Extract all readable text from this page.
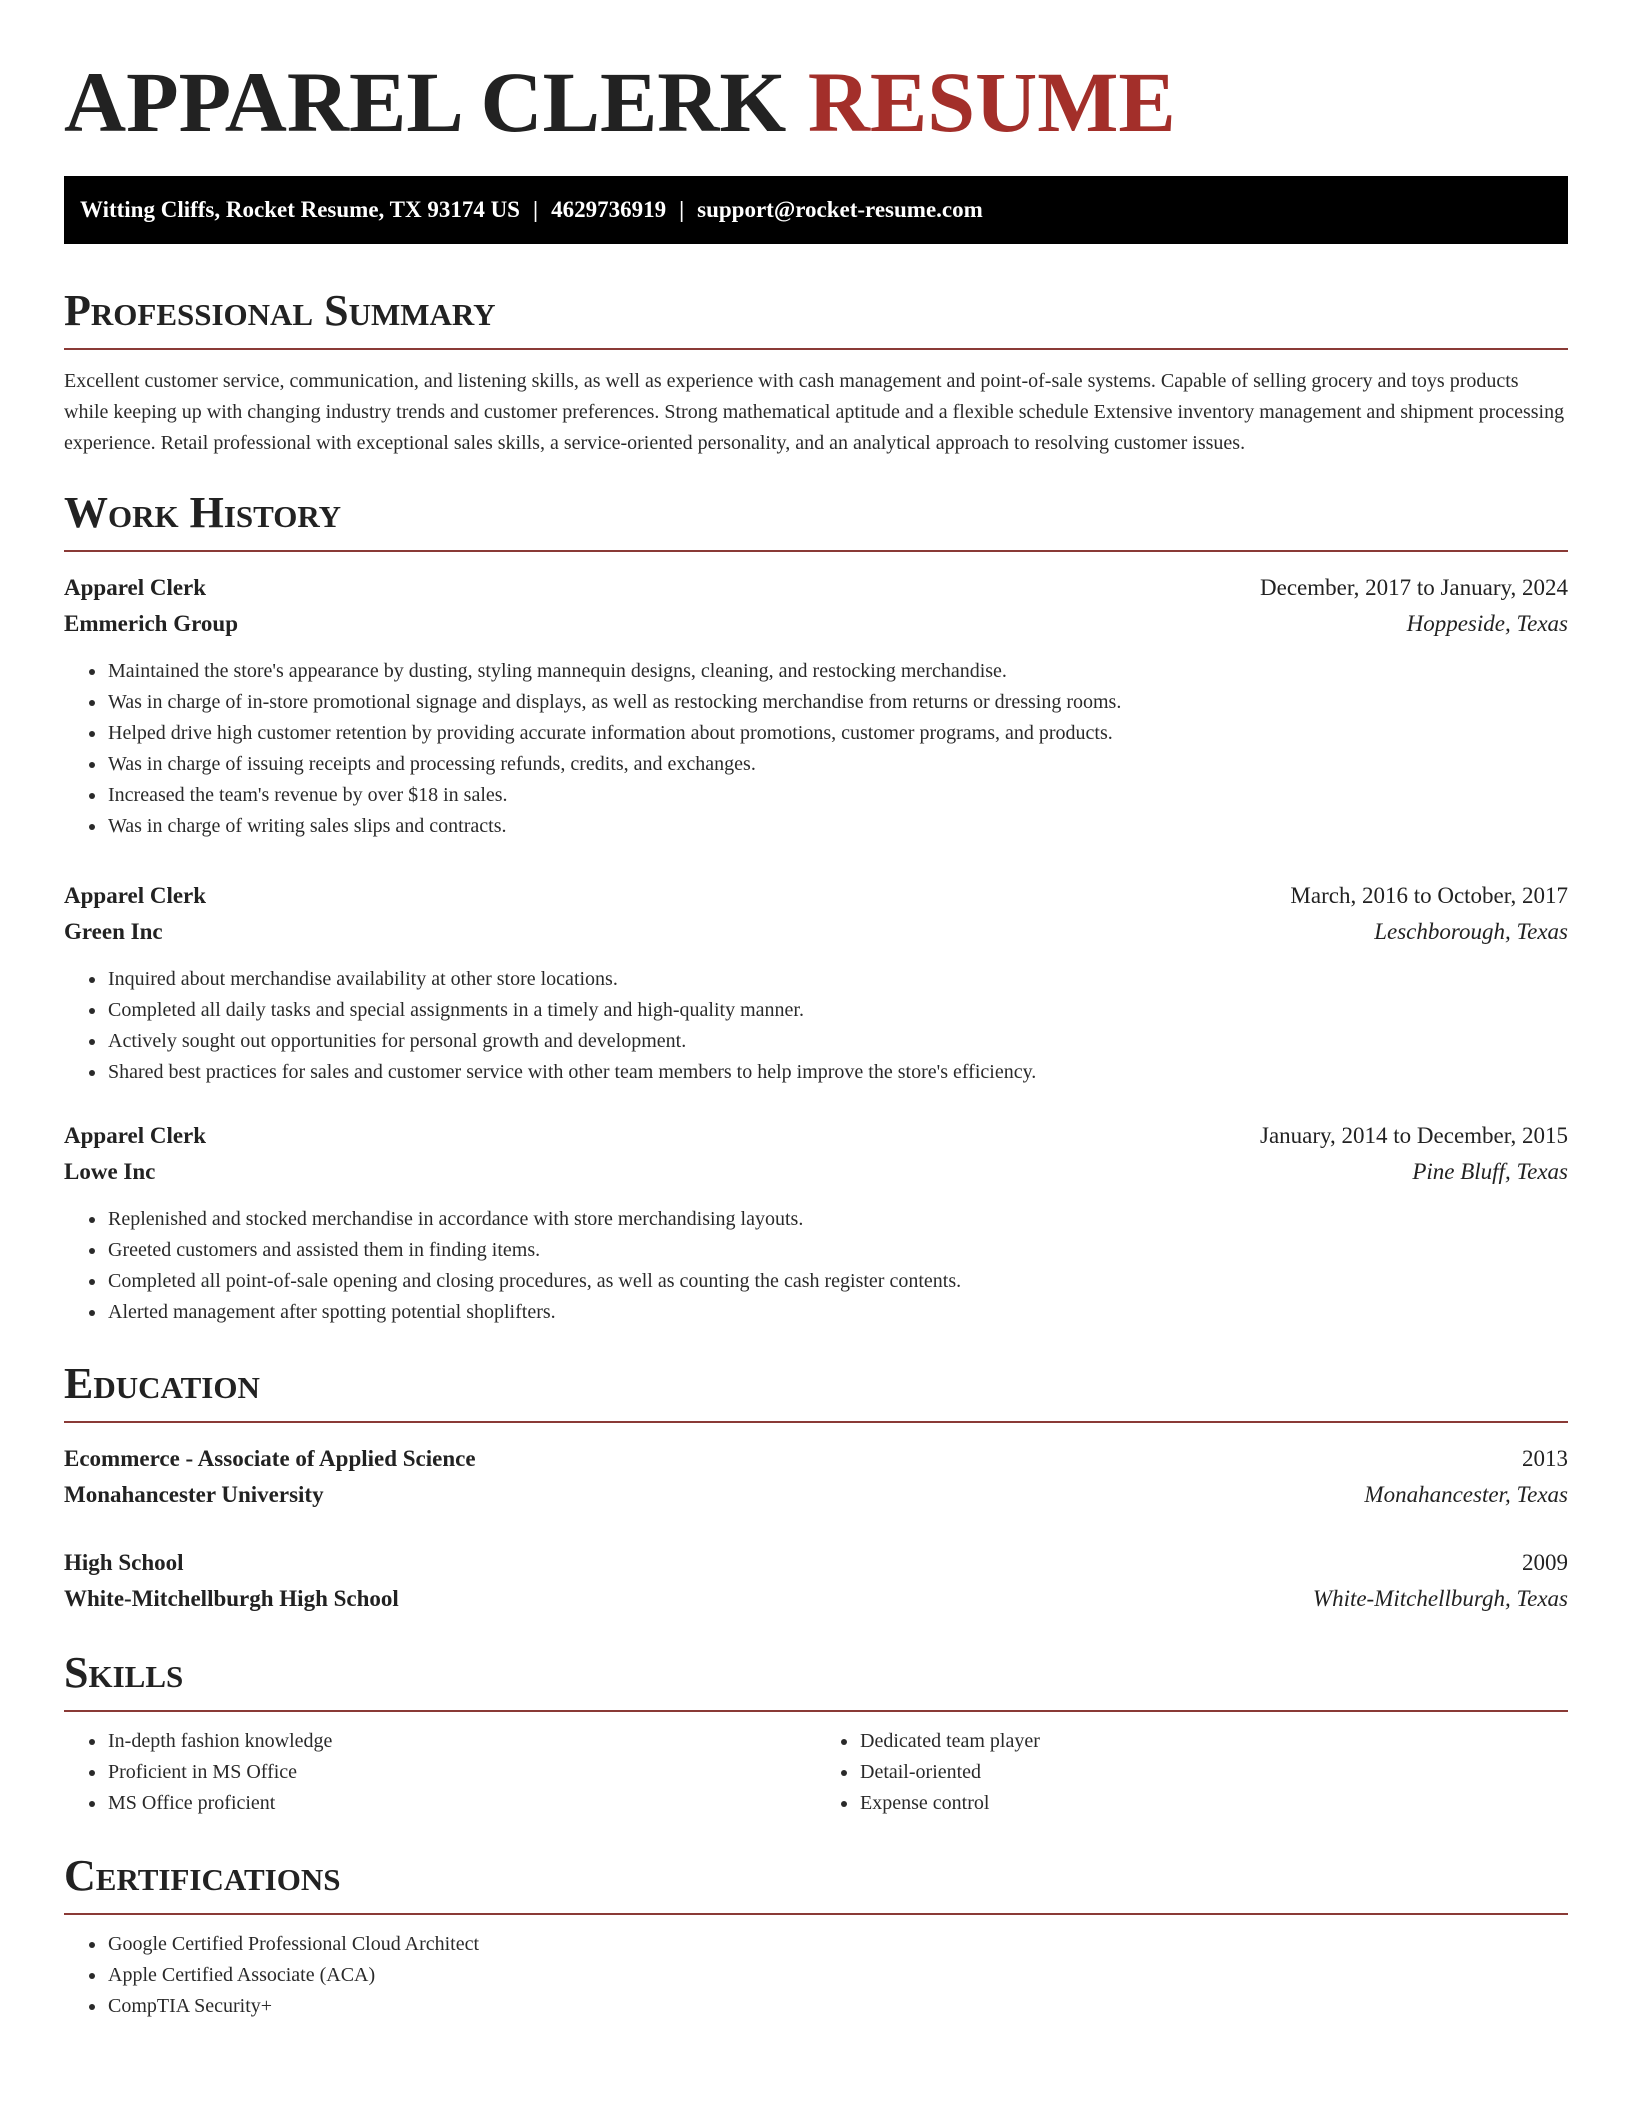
APPAREL CLERK RESUME
Witting Cliffs, Rocket Resume, TX 93174 US | 4629736919 | support@rocket-resume.com
Professional Summary

Excellent customer service, communication, and listening skills, as well as experience with cash management and point-of-sale systems. Capable of selling grocery and toys products while keeping up with changing industry trends and customer preferences. Strong mathematical aptitude and a flexible schedule Extensive inventory management and shipment processing experience. Retail professional with exceptional sales skills, a service-oriented personality, and an analytical approach to resolving customer issues.

Work History
Apparel Clerk	December, 2017 to January, 2024
Emmerich Group	Hoppeside, Texas
• Maintained the store's appearance by dusting, styling mannequin designs, cleaning, and restocking merchandise.
• Was in charge of in-store promotional signage and displays, as well as restocking merchandise from returns or dressing rooms.
• Helped drive high customer retention by providing accurate information about promotions, customer programs, and products.
• Was in charge of issuing receipts and processing refunds, credits, and exchanges.
• Increased the team's revenue by over $18 in sales.
• Was in charge of writing sales slips and contracts.
Apparel Clerk	March, 2016 to October, 2017
Green Inc	Leschborough, Texas
• Inquired about merchandise availability at other store locations.
• Completed all daily tasks and special assignments in a timely and high-quality manner.
• Actively sought out opportunities for personal growth and development.
• Shared best practices for sales and customer service with other team members to help improve the store's efficiency.
Apparel Clerk	January, 2014 to December, 2015
Lowe Inc	Pine Bluff, Texas
• Replenished and stocked merchandise in accordance with store merchandising layouts.
• Greeted customers and assisted them in finding items.
• Completed all point-of-sale opening and closing procedures, as well as counting the cash register contents.
• Alerted management after spotting potential shoplifters.
Education
Ecommerce - Associate of Applied Science	2013
Monahancester University	Monahancester, Texas
High School	2009
White-Mitchellburgh High School	White-Mitchellburgh, Texas
Skills
• In-depth fashion knowledge
• Proficient in MS Office
• MS Office proficient
• Dedicated team player
• Detail-oriented
• Expense control
Certifications
• Google Certified Professional Cloud Architect
• Apple Certified Associate (ACA)
• CompTIA Security+
